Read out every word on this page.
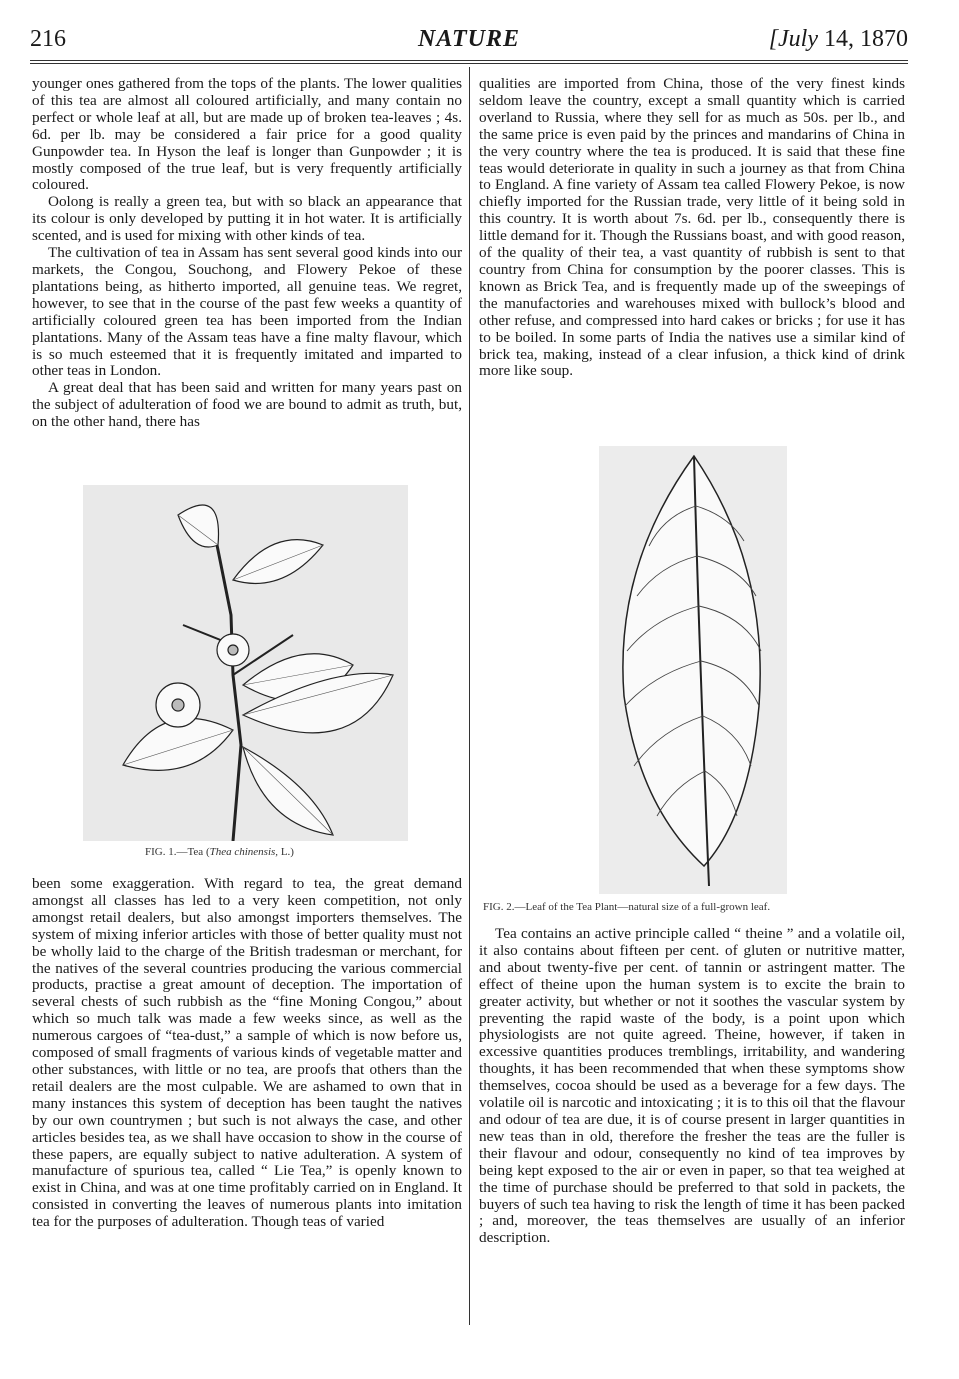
216	NATURE	[July 14, 1870

younger ones gathered from the tops of the plants. The lower qualities of this tea are almost all coloured artificially, and many contain no perfect or whole leaf at all, but are made up of broken tea-leaves ; 4s. 6d. per lb. may be considered a fair price for a good quality Gunpowder tea. In Hyson the leaf is longer than Gunpowder ; it is mostly composed of the true leaf, but is very frequently artificially coloured.

Oolong is really a green tea, but with so black an appearance that its colour is only developed by putting it in hot water. It is artificially scented, and is used for mixing with other kinds of tea.

The cultivation of tea in Assam has sent several good kinds into our markets, the Congou, Souchong, and Flowery Pekoe of these plantations being, as hitherto imported, all genuine teas. We regret, however, to see that in the course of the past few weeks a quantity of artificially coloured green tea has been imported from the Indian plantations. Many of the Assam teas have a fine malty flavour, which is so much esteemed that it is frequently imitated and imparted to other teas in London.

A great deal that has been said and written for many years past on the subject of adulteration of food we are bound to admit as truth, but, on the other hand, there has

FIG. 1.—Tea (Thea chinensis, L.)

been some exaggeration. With regard to tea, the great demand amongst all classes has led to a very keen competition, not only amongst retail dealers, but also amongst importers themselves. The system of mixing inferior articles with those of better quality must not be wholly laid to the charge of the British tradesman or merchant, for the natives of the several countries producing the various commercial products, practise a great amount of deception. The importation of several chests of such rubbish as the “fine Moning Congou,” about which so much talk was made a few weeks since, as well as the numerous cargoes of “tea-dust,” a sample of which is now before us, composed of small fragments of various kinds of vegetable matter and other substances, with little or no tea, are proofs that others than the retail dealers are the most culpable. We are ashamed to own that in many instances this system of deception has been taught the natives by our own countrymen ; but such is not always the case, and other articles besides tea, as we shall have occasion to show in the course of these papers, are equally subject to native adulteration. A system of manufacture of spurious tea, called “ Lie Tea,” is openly known to exist in China, and was at one time profitably carried on in England. It consisted in converting the leaves of numerous plants into imitation tea for the purposes of adulteration. Though teas of varied

qualities are imported from China, those of the very finest kinds seldom leave the country, except a small quantity which is carried overland to Russia, where they sell for as much as 50s. per lb., and the same price is even paid by the princes and mandarins of China in the very country where the tea is produced. It is said that these fine teas would deteriorate in quality in such a journey as that from China to England. A fine variety of Assam tea called Flowery Pekoe, is now chiefly imported for the Russian trade, very little of it being sold in this country. It is worth about 7s. 6d. per lb., consequently there is little demand for it. Though the Russians boast, and with good reason, of the quality of their tea, a vast quantity of rubbish is sent to that country from China for consumption by the poorer classes. This is known as Brick Tea, and is frequently made up of the sweepings of the manufactories and warehouses mixed with bullock’s blood and other refuse, and compressed into hard cakes or bricks ; for use it has to be boiled. In some parts of India the natives use a similar kind of brick tea, making, instead of a clear infusion, a thick kind of drink more like soup.

FIG. 2.—Leaf of the Tea Plant—natural size of a full-grown leaf.

Tea contains an active principle called “ theine ” and a volatile oil, it also contains about fifteen per cent. of gluten or nutritive matter, and about twenty-five per cent. of tannin or astringent matter. The effect of theine upon the human system is to excite the brain to greater activity, but whether or not it soothes the vascular system by preventing the rapid waste of the body, is a point upon which physiologists are not quite agreed. Theine, however, if taken in excessive quantities produces tremblings, irritability, and wandering thoughts, it has been recommended that when these symptoms show themselves, cocoa should be used as a beverage for a few days. The volatile oil is narcotic and intoxicating ; it is to this oil that the flavour and odour of tea are due, it is of course present in larger quantities in new teas than in old, therefore the fresher the teas are the fuller is their flavour and odour, consequently no kind of tea improves by being kept exposed to the air or even in paper, so that tea weighed at the time of purchase should be preferred to that sold in packets, the buyers of such tea having to risk the length of time it has been packed ; and, moreover, the teas themselves are usually of an inferior description.
